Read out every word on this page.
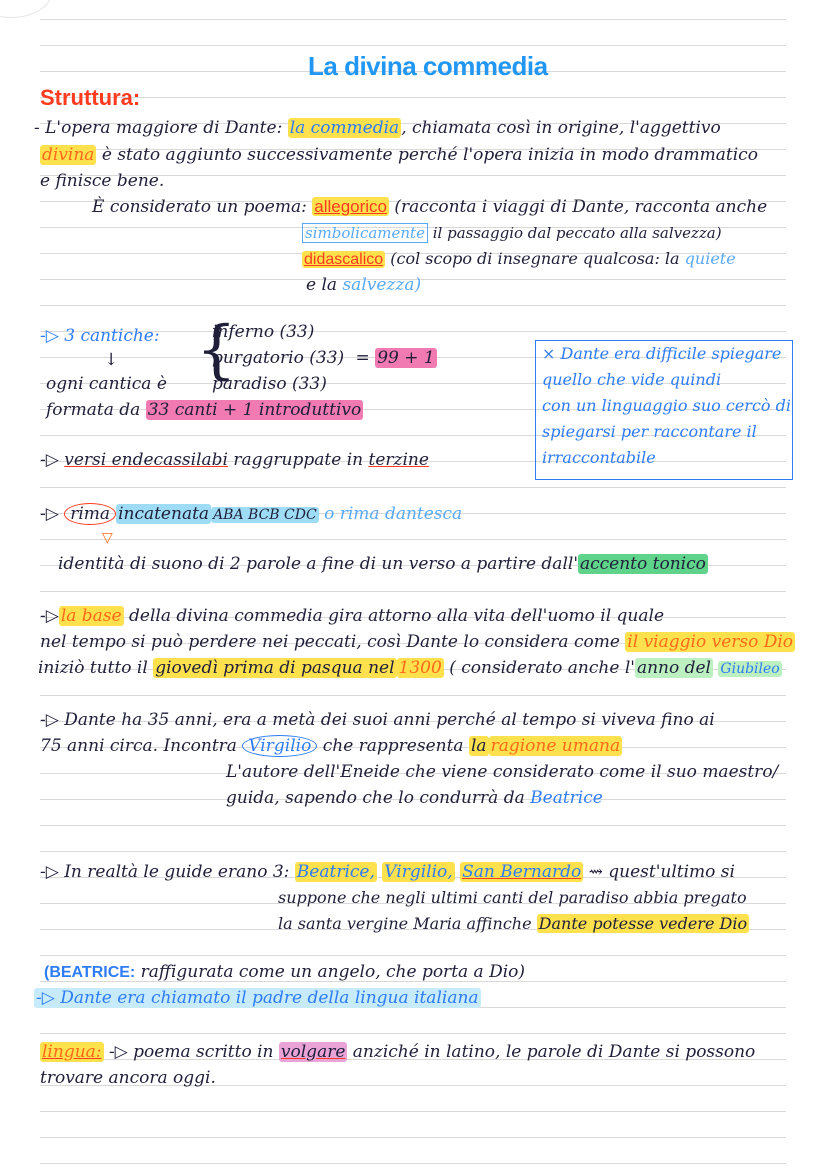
La divina commedia
Struttura:
- L'opera maggiore di Dante: la commedia , chiamata così in origine, l'aggettivo
divina è stato aggiunto successivamente perché l'opera inizia in modo drammatico
e finisce bene.
È considerato un poema: allegorico (racconta i viaggi di Dante, racconta anche
simbolicamente il passaggio dal peccato alla salvezza)
didascalico (col scopo di insegnare qualcosa: la quiete
e la salvezza)
-▷ 3 cantiche:
↓ {
inferno (33)
purgatorio (33) = 99 + 1
paradiso (33)
ogni cantica è
formata da 33 canti + 1 introduttivo
× Dante era difficile spiegare
quello che vide quindi
con un linguaggio suo cercò di
spiegarsi per raccontare il
irraccontabile
-▷ versi endecassilabi raggruppate in terzine
-▷ rima incatenata ABA BCB CDC o rima dantesca
▽
identità di suono di 2 parole a fine di un verso a partire dall' accento tonico
-▷ la base della divina commedia gira attorno alla vita dell'uomo il quale
nel tempo si può perdere nei peccati, così Dante lo considera come il viaggio verso Dio
iniziò tutto il giovedì prima di pasqua nel 1300 ( considerato anche l' anno del Giubileo
-▷ Dante ha 35 anni, era a metà dei suoi anni perché al tempo si viveva fino ai
75 anni circa. Incontra Virgilio che rappresenta la ragione umana
L'autore dell'Eneide che viene considerato come il suo maestro/
guida, sapendo che lo condurrà da Beatrice
-▷ In realtà le guide erano 3: Beatrice, Virgilio, San Bernardo ⇝ quest'ultimo si
suppone che negli ultimi canti del paradiso abbia pregato
la santa vergine Maria affinche Dante potesse vedere Dio
(BEATRICE: raffigurata come un angelo, che porta a Dio)
-▷ Dante era chiamato il padre della lingua italiana
lingua: -▷ poema scritto in volgare anziché in latino, le parole di Dante si possono
trovare ancora oggi.
